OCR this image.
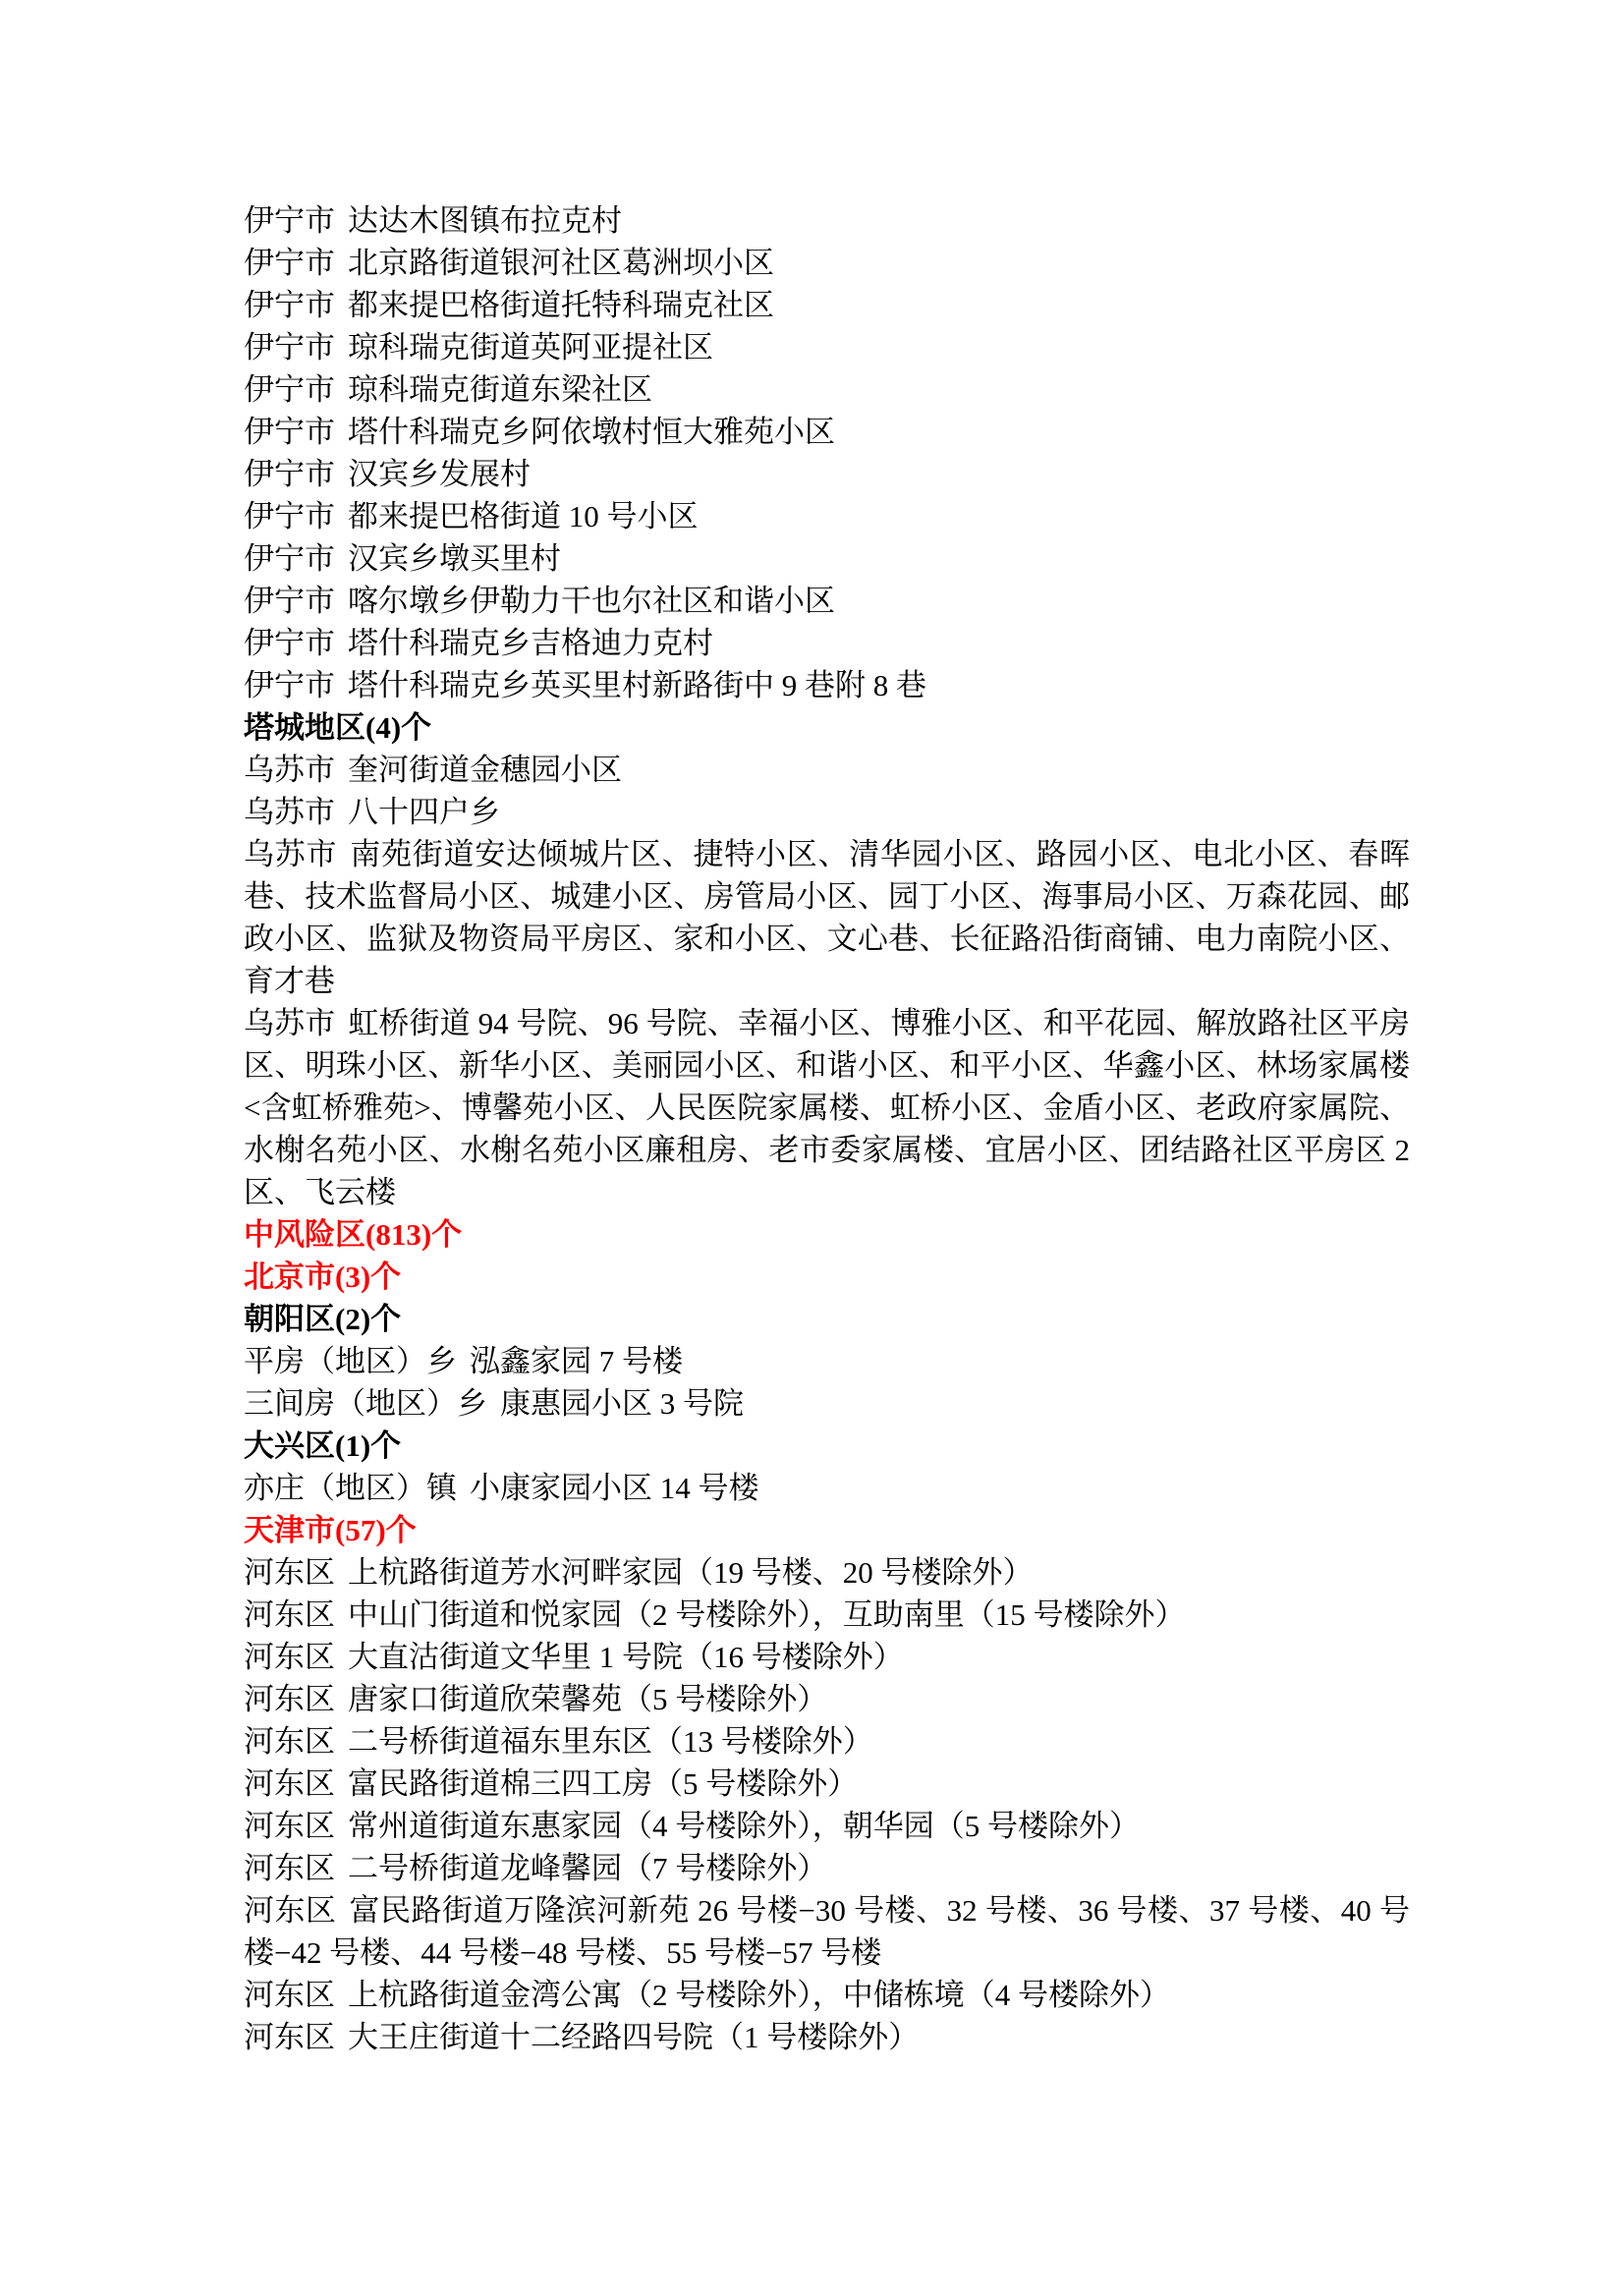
伊宁市 达达木图镇布拉克村

伊宁市 北京路街道银河社区葛洲坝小区

伊宁市 都来提巴格街道托特科瑞克社区

伊宁市 琼科瑞克街道英阿亚提社区

伊宁市 琼科瑞克街道东梁社区

伊宁市 塔什科瑞克乡阿依墩村恒大雅苑小区

伊宁市 汉宾乡发展村

伊宁市 都来提巴格街道 10 号小区

伊宁市 汉宾乡墩买里村

伊宁市 喀尔墩乡伊勒力干也尔社区和谐小区

伊宁市 塔什科瑞克乡吉格迪力克村

伊宁市 塔什科瑞克乡英买里村新路街中 9 巷附 8 巷

塔城地区(4)个

乌苏市 奎河街道金穗园小区

乌苏市 八十四户乡

乌苏市 南苑街道安达倾城片区、捷特小区、清华园小区、路园小区、电北小区、春晖巷、技术监督局小区、城建小区、房管局小区、园丁小区、海事局小区、万森花园、邮政小区、监狱及物资局平房区、家和小区、文心巷、长征路沿街商铺、电力南院小区、育才巷

乌苏市 虹桥街道 94 号院、96 号院、幸福小区、博雅小区、和平花园、解放路社区平房区、明珠小区、新华小区、美丽园小区、和谐小区、和平小区、华鑫小区、林场家属楼<含虹桥雅苑>、博馨苑小区、人民医院家属楼、虹桥小区、金盾小区、老政府家属院、水榭名苑小区、水榭名苑小区廉租房、老市委家属楼、宜居小区、团结路社区平房区 2 区、飞云楼

中风险区(813)个

北京市(3)个

朝阳区(2)个

平房（地区）乡 泓鑫家园 7 号楼

三间房（地区）乡 康惠园小区 3 号院

大兴区(1)个

亦庄（地区）镇 小康家园小区 14 号楼

天津市(57)个

河东区 上杭路街道芳水河畔家园（19 号楼、20 号楼除外）

河东区 中山门街道和悦家园（2 号楼除外），互助南里（15 号楼除外）

河东区 大直沽街道文华里 1 号院（16 号楼除外）

河东区 唐家口街道欣荣馨苑（5 号楼除外）

河东区 二号桥街道福东里东区（13 号楼除外）

河东区 富民路街道棉三四工房（5 号楼除外）

河东区 常州道街道东惠家园（4 号楼除外），朝华园（5 号楼除外）

河东区 二号桥街道龙峰馨园（7 号楼除外）

河东区 富民路街道万隆滨河新苑 26 号楼−30 号楼、32 号楼、36 号楼、37 号楼、40 号楼−42 号楼、44 号楼−48 号楼、55 号楼−57 号楼

河东区 上杭路街道金湾公寓（2 号楼除外），中储栋境（4 号楼除外）

河东区 大王庄街道十二经路四号院（1 号楼除外）
